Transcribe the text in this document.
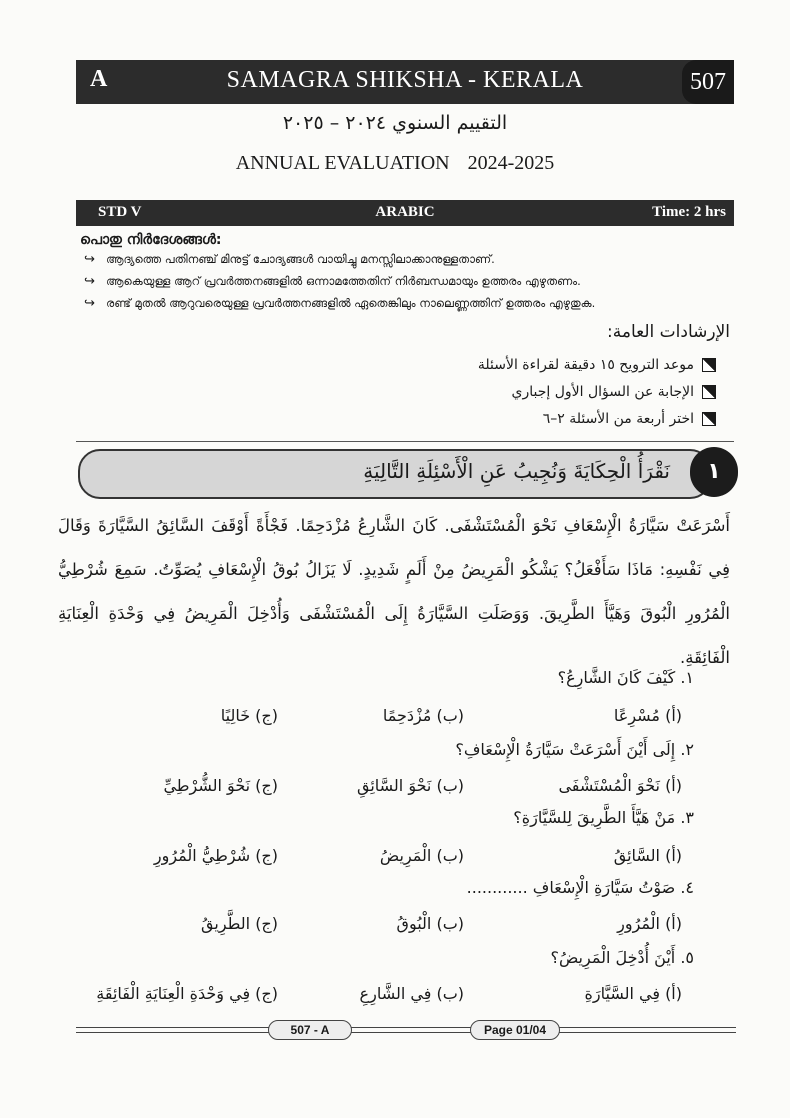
A	SAMAGRA SHIKSHA - KERALA	507
التقييم السنوي ٢٠٢٤ – ٢٠٢٥
ANNUAL EVALUATION 2024-2025
STD V	ARABIC	Time: 2 hrs
പൊതു നിർദേശങ്ങൾ:
↪ ആദ്യത്തെ പതിനഞ്ച് മിനുട്ട് ചോദ്യങ്ങൾ വായിച്ചു മനസ്സിലാക്കാനുള്ളതാണ്.
↪ ആകെയുള്ള ആറ് പ്രവർത്തനങ്ങളിൽ ഒന്നാമത്തേതിന് നിർബന്ധമായും ഉത്തരം എഴുതണം.
↪ രണ്ട് മുതൽ ആറുവരെയുള്ള പ്രവർത്തനങ്ങളിൽ ഏതെങ്കിലും നാലെണ്ണത്തിന് ഉത്തരം എഴുതുക.
الإرشادات العامة:
موعد الترويح ١٥ دقيقة لقراءة الأسئلة
الإجابة عن السؤال الأول إجباري
اختر أربعة من الأسئلة ٢–٦
نَقْرَأُ الْحِكَايَةَ وَنُجِيبُ عَنِ الْأَسْئِلَةِ التَّالِيَةِ	١
أَسْرَعَتْ سَيَّارَةُ الْإِسْعَافِ نَحْوَ الْمُسْتَشْفَى. كَانَ الشَّارِعُ مُزْدَحِمًا. فَجْأَةً أَوْقَفَ السَّائِقُ السَّيَّارَةَ وَقَالَ فِي نَفْسِهِ: مَاذَا سَأَفْعَلُ؟ يَشْكُو الْمَرِيضُ مِنْ أَلَمٍ شَدِيدٍ. لَا يَزَالُ بُوقُ الْإِسْعَافِ يُصَوِّتُ. سَمِعَ شُرْطِيُّ الْمُرُورِ الْبُوقَ وَهَيَّأَ الطَّرِيقَ. وَوَصَلَتِ السَّيَّارَةُ إِلَى الْمُسْتَشْفَى وَأُدْخِلَ الْمَرِيضُ فِي وَحْدَةِ الْعِنَايَةِ الْفَائِقَةِ.
١. كَيْفَ كَانَ الشَّارِعُ؟
(أ) مُسْرِعًا
(ب) مُزْدَحِمًا
(ج) خَالِيًا
٢. إِلَى أَيْنَ أَسْرَعَتْ سَيَّارَةُ الْإِسْعَافِ؟
(أ) نَحْوَ الْمُسْتَشْفَى
(ب) نَحْوَ السَّائِقِ
(ج) نَحْوَ الشُّرْطِيِّ
٣. مَنْ هَيَّأَ الطَّرِيقَ لِلسَّيَّارَةِ؟
(أ) السَّائِقُ
(ب) الْمَرِيضُ
(ج) شُرْطِيُّ الْمُرُورِ
٤. صَوْتُ سَيَّارَةِ الْإِسْعَافِ ............
(أ) الْمُرُورِ
(ب) الْبُوقُ
(ج) الطَّرِيقُ
٥. أَيْنَ أُدْخِلَ الْمَرِيضُ؟
(أ) فِي السَّيَّارَةِ
(ب) فِي الشَّارِعِ
(ج) فِي وَحْدَةِ الْعِنَايَةِ الْفَائِقَةِ
507 - A	Page 01/04
